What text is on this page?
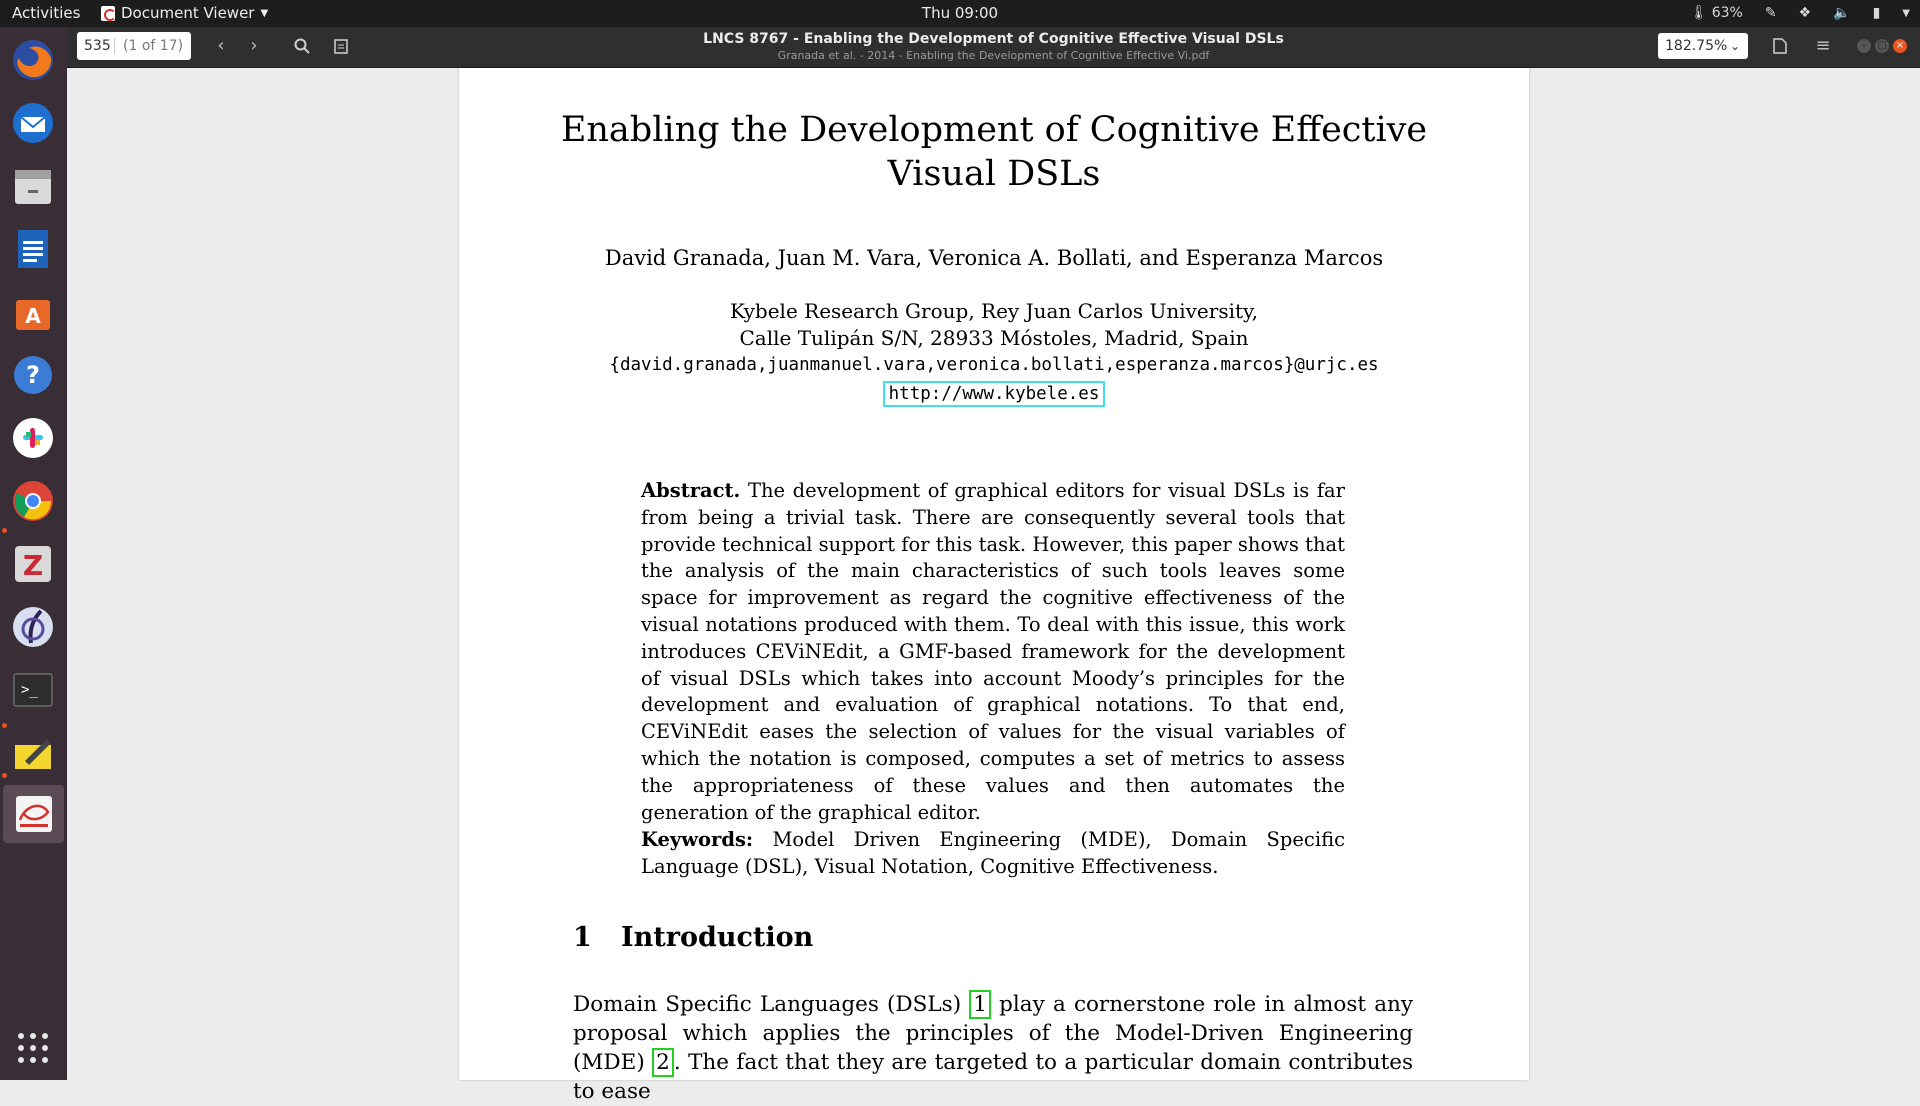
Activities	Document Viewer ▼	Thu 09:00	🌡 63% ✎ ❖ 🔈 ▮ ▼
A
?
Z
>_
535 (1 of 17)	‹	›	LNCS 8767 - Enabling the Development of Cognitive Effective Visual DSLs
Granada et al. - 2014 - Enabling the Development of Cognitive Effective Vi.pdf
182.75% ⌄	≡	–	□ ×
Enabling the Development of Cognitive Effective
Visual DSLs
David Granada, Juan M. Vara, Veronica A. Bollati, and Esperanza Marcos
Kybele Research Group, Rey Juan Carlos University,
Calle Tulipán S/N, 28933 Móstoles, Madrid, Spain
{david.granada,juanmanuel.vara,veronica.bollati,esperanza.marcos}@urjc.es
http://www.kybele.es
Abstract. The development of graphical editors for visual DSLs is far from being a trivial task. There are consequently several tools that provide technical support for this task. However, this paper shows that the analysis of the main characteristics of such tools leaves some space for improvement as regard the cognitive effectiveness of the visual notations produced with them. To deal with this issue, this work introduces CEViNEdit, a GMF-based framework for the development of visual DSLs which takes into account Moody’s principles for the development and evaluation of graphical notations. To that end, CEViNEdit eases the selection of values for the visual variables of which the notation is composed, computes a set of metrics to assess the appropriateness of these values and then automates the generation of the graphical editor.
Keywords: Model Driven Engineering (MDE), Domain Specific Language (DSL), Visual Notation, Cognitive Effectiveness.
1 Introduction
Domain Specific Languages (DSLs) 1 play a cornerstone role in almost any proposal which applies the principles of the Model-Driven Engineering (MDE) 2 . The fact that they are targeted to a particular domain contributes to ease
